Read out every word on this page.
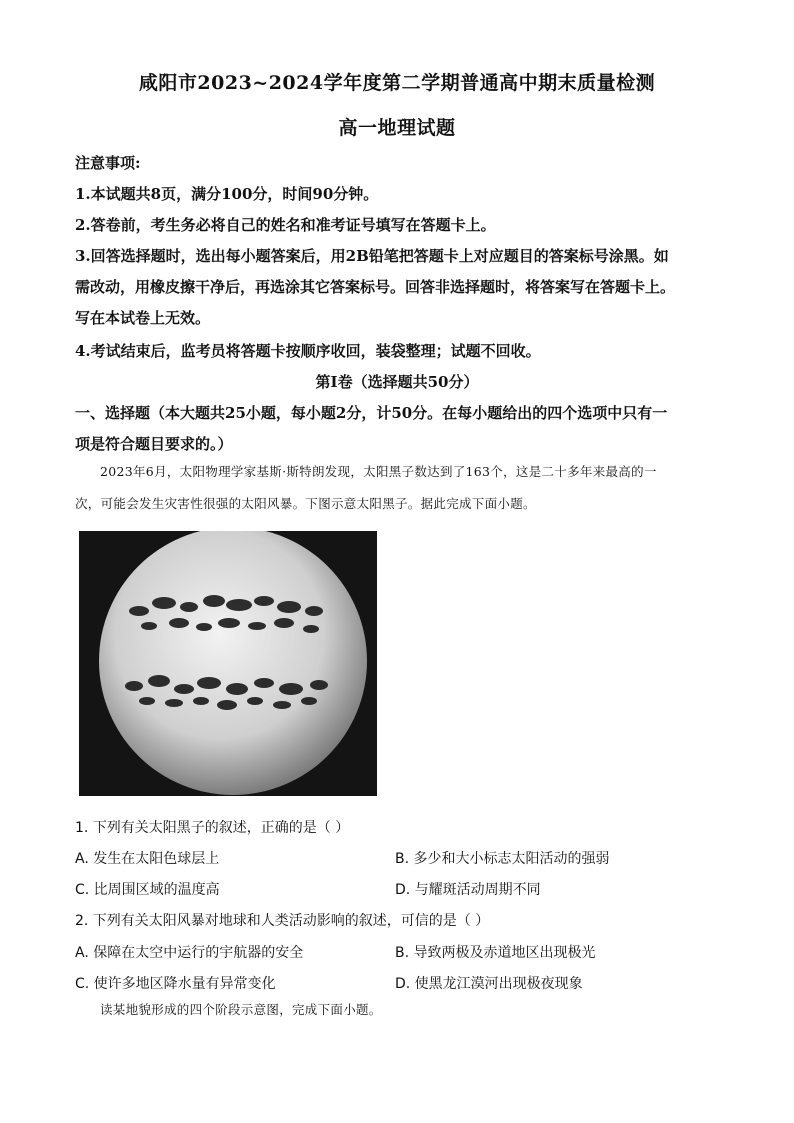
咸阳市2023~2024学年度第二学期普通高中期末质量检测
高一地理试题
注意事项:
1.本试题共8页，满分100分，时间90分钟。
2.答卷前，考生务必将自己的姓名和准考证号填写在答题卡上。
3.回答选择题时，选出每小题答案后，用2B铅笔把答题卡上对应题目的答案标号涂黑。如
需改动，用橡皮擦干净后，再选涂其它答案标号。回答非选择题时，将答案写在答题卡上。
写在本试卷上无效。
4.考试结束后，监考员将答题卡按顺序收回，装袋整理；试题不回收。
第Ⅰ卷（选择题共50分）
一、选择题（本大题共25小题，每小题2分，计50分。在每小题给出的四个选项中只有一
项是符合题目要求的。）
2023年6月，太阳物理学家基斯·斯特朗发现，太阳黑子数达到了163个，这是二十多年来最高的一
次，可能会发生灾害性很强的太阳风暴。下图示意太阳黑子。据此完成下面小题。
1. 下列有关太阳黑子的叙述，正确的是（ ）
A. 发生在太阳色球层上	B. 多少和大小标志太阳活动的强弱
C. 比周围区域的温度高	D. 与耀斑活动周期不同
2. 下列有关太阳风暴对地球和人类活动影响的叙述，可信的是（ ）
A. 保障在太空中运行的宇航器的安全	B. 导致两极及赤道地区出现极光
C. 使许多地区降水量有异常变化	D. 使黑龙江漠河出现极夜现象
读某地貌形成的四个阶段示意图，完成下面小题。
